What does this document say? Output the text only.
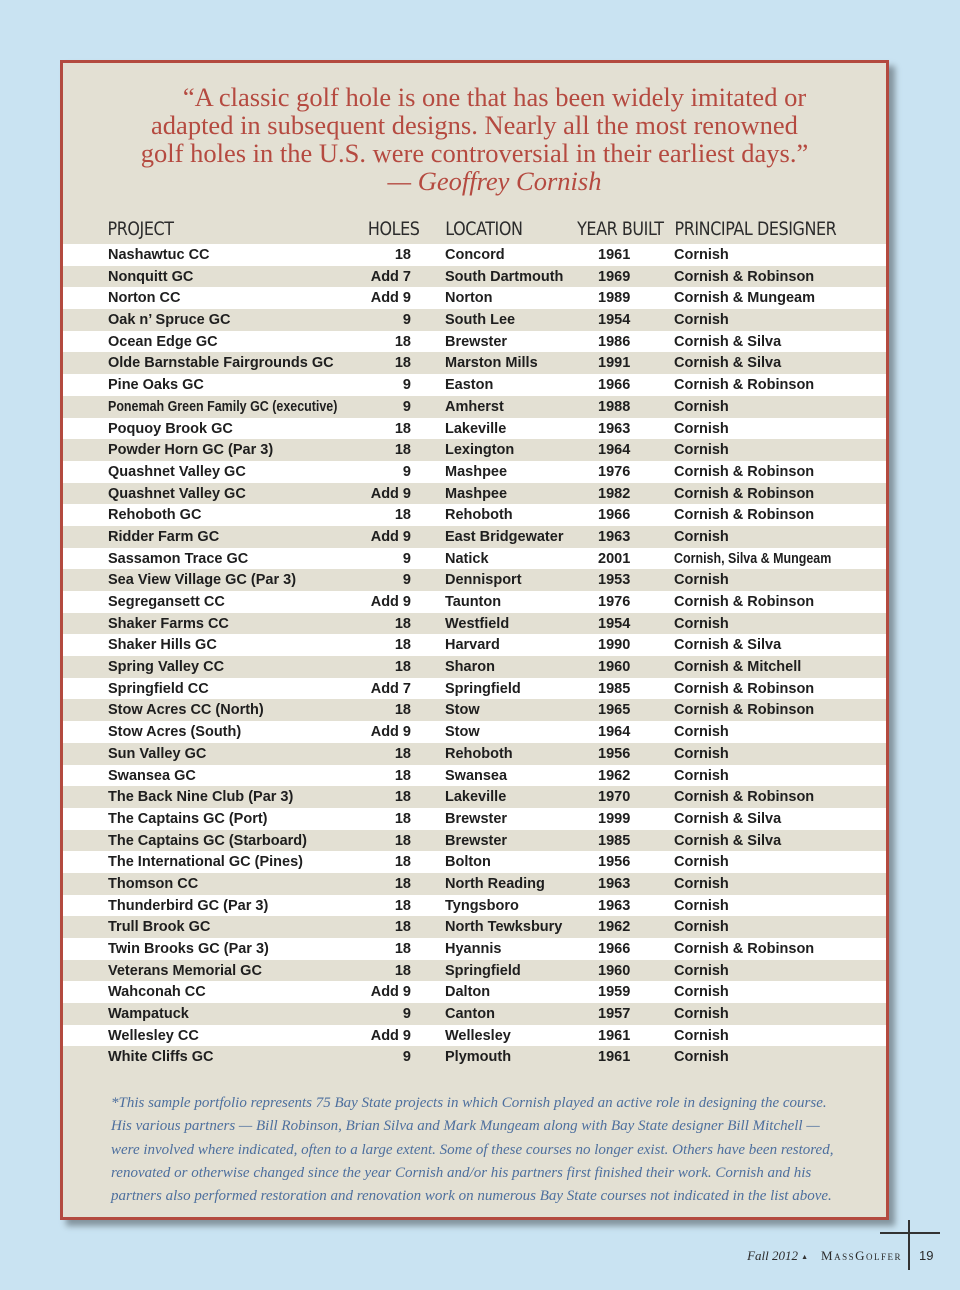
“A classic golf hole is one that has been widely imitated or
adapted in subsequent designs. Nearly all the most renowned
golf holes in the U.S. were controversial in their earliest days.”
— Geoffrey Cornish
PROJECT	HOLES LOCATION	YEAR BUILT PRINCIPAL DESIGNER
Nashawtuc CC	18 Concord	1961	Cornish
Nonquitt GC	Add 7 South Dartmouth 1969	Cornish & Robinson
Norton CC	Add 9 Norton	1989	Cornish & Mungeam
Oak n’ Spruce GC	9 South Lee	1954	Cornish
Ocean Edge GC	18 Brewster	1986	Cornish & Silva
Olde Barnstable Fairgrounds GC	18 Marston Mills	1991	Cornish & Silva
Pine Oaks GC	9 Easton	1966	Cornish & Robinson
Ponemah Green Family GC (executive)	9 Amherst	1988	Cornish
Poquoy Brook GC	18 Lakeville	1963	Cornish
Powder Horn GC (Par 3)	18 Lexington	1964	Cornish
Quashnet Valley GC	9 Mashpee	1976	Cornish & Robinson
Quashnet Valley GC	Add 9 Mashpee	1982	Cornish & Robinson
Rehoboth GC	18 Rehoboth	1966	Cornish & Robinson
Ridder Farm GC	Add 9 East Bridgewater 1963	Cornish
Sassamon Trace GC	9 Natick	2001	Cornish, Silva & Mungeam
Sea View Village GC (Par 3)	9 Dennisport	1953	Cornish
Segregansett CC	Add 9 Taunton	1976	Cornish & Robinson
Shaker Farms CC	18 Westfield	1954	Cornish
Shaker Hills GC	18 Harvard	1990	Cornish & Silva
Spring Valley CC	18 Sharon	1960	Cornish & Mitchell
Springfield CC	Add 7 Springfield	1985	Cornish & Robinson
Stow Acres CC (North)	18 Stow	1965	Cornish & Robinson
Stow Acres (South)	Add 9 Stow	1964	Cornish
Sun Valley GC	18 Rehoboth	1956	Cornish
Swansea GC	18 Swansea	1962	Cornish
The Back Nine Club (Par 3)	18 Lakeville	1970	Cornish & Robinson
The Captains GC (Port)	18 Brewster	1999	Cornish & Silva
The Captains GC (Starboard)	18 Brewster	1985	Cornish & Silva
The International GC (Pines)	18 Bolton	1956	Cornish
Thomson CC	18 North Reading	1963	Cornish
Thunderbird GC (Par 3)	18 Tyngsboro	1963	Cornish
Trull Brook GC	18 North Tewksbury 1962	Cornish
Twin Brooks GC (Par 3)	18 Hyannis	1966	Cornish & Robinson
Veterans Memorial GC	18 Springfield	1960	Cornish
Wahconah CC	Add 9 Dalton	1959	Cornish
Wampatuck	9 Canton	1957	Cornish
Wellesley CC	Add 9 Wellesley	1961	Cornish
White Cliffs GC	9 Plymouth	1961	Cornish
*This sample portfolio represents 75 Bay State projects in which Cornish played an active role in designing the course.
His various partners — Bill Robinson, Brian Silva and Mark Mungeam along with Bay State designer Bill Mitchell —
were involved where indicated, often to a large extent. Some of these courses no longer exist. Others have been restored,
renovated or otherwise changed since the year Cornish and/or his partners first finished their work. Cornish and his
partners also performed restoration and renovation work on numerous Bay State courses not indicated in the list above.
Fall 2012 ▲ MassGolfer 19
